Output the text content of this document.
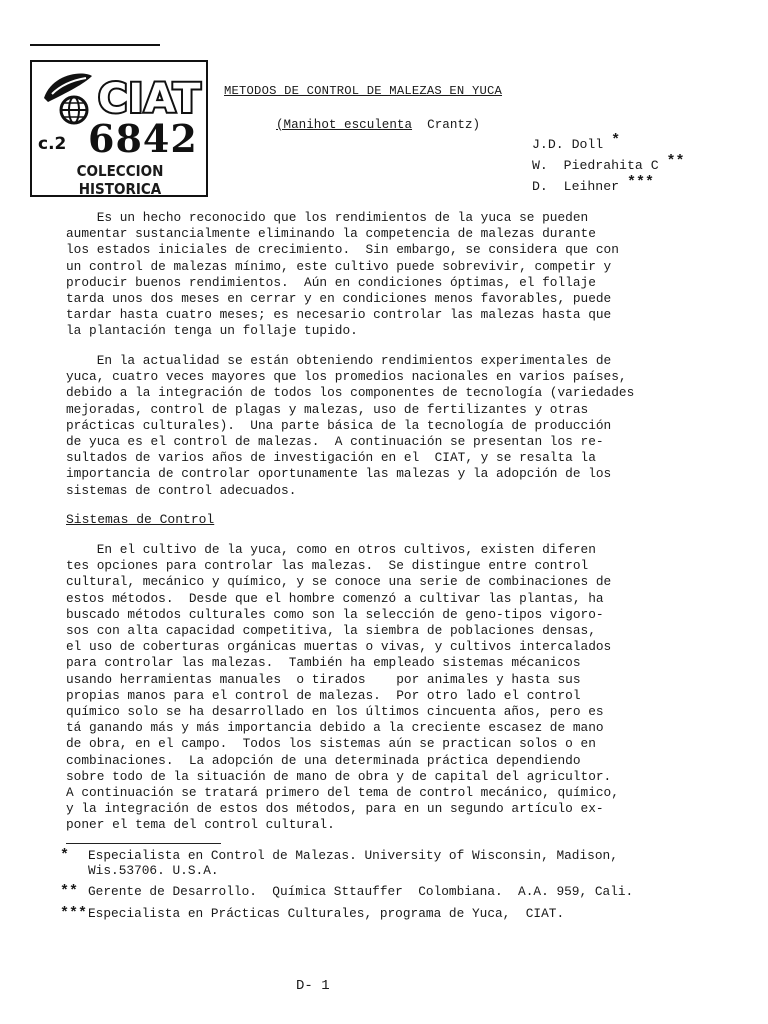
CIAT
c.2 6842
COLECCION HISTORICA
METODOS DE CONTROL DE MALEZAS EN YUCA
(Manihot esculenta Crantz)
J.D. Doll *
W.  Piedrahita C **
D.  Leihner ***

Es un hecho reconocido que los rendimientos de la yuca se pueden
aumentar sustancialmente eliminando la competencia de malezas durante
los estados iniciales de crecimiento.  Sin embargo, se considera que con
un control de malezas mínimo, este cultivo puede sobrevivir, competir y
producir buenos rendimientos.  Aún en condiciones óptimas, el follaje
tarda unos dos meses en cerrar y en condiciones menos favorables, puede
tardar hasta cuatro meses; es necesario controlar las malezas hasta que
la plantación tenga un follaje tupido.

En la actualidad se están obteniendo rendimientos experimentales de
yuca, cuatro veces mayores que los promedios nacionales en varios países,
debido a la integración de todos los componentes de tecnología (variedades
mejoradas, control de plagas y malezas, uso de fertilizantes y otras
prácticas culturales).  Una parte básica de la tecnología de producción
de yuca es el control de malezas.  A continuación se presentan los re-
sultados de varios años de investigación en el  CIAT, y se resalta la
importancia de controlar oportunamente las malezas y la adopción de los
sistemas de control adecuados.

Sistemas de Control

En el cultivo de la yuca, como en otros cultivos, existen diferen
tes opciones para controlar las malezas.  Se distingue entre control
cultural, mecánico y químico, y se conoce una serie de combinaciones de
estos métodos.  Desde que el hombre comenzó a cultivar las plantas, ha
buscado métodos culturales como son la selección de geno-tipos vigoro-
sos con alta capacidad competitiva, la siembra de poblaciones densas,
el uso de coberturas orgánicas muertas o vivas, y cultivos intercalados
para controlar las malezas.  También ha empleado sistemas mécanicos
usando herramientas manuales  o tirados    por animales y hasta sus
propias manos para el control de malezas.  Por otro lado el control
químico solo se ha desarrollado en los últimos cincuenta años, pero es
tá ganando más y más importancia debido a la creciente escasez de mano
de obra, en el campo.  Todos los sistemas aún se practican solos o en
combinaciones.  La adopción de una determinada práctica dependiendo
sobre todo de la situación de mano de obra y de capital del agricultor.
A continuación se tratará primero del tema de control mecánico, químico,
y la integración de estos dos métodos, para en un segundo artículo ex-
poner el tema del control cultural.

* Especialista en Control de Malezas. University of Wisconsin, Madison,
Wis.53706. U.S.A.
** Gerente de Desarrollo.  Química Sttauffer  Colombiana.  A.A. 959, Cali.
***Especialista en Prácticas Culturales, programa de Yuca,  CIAT.
D- 1
